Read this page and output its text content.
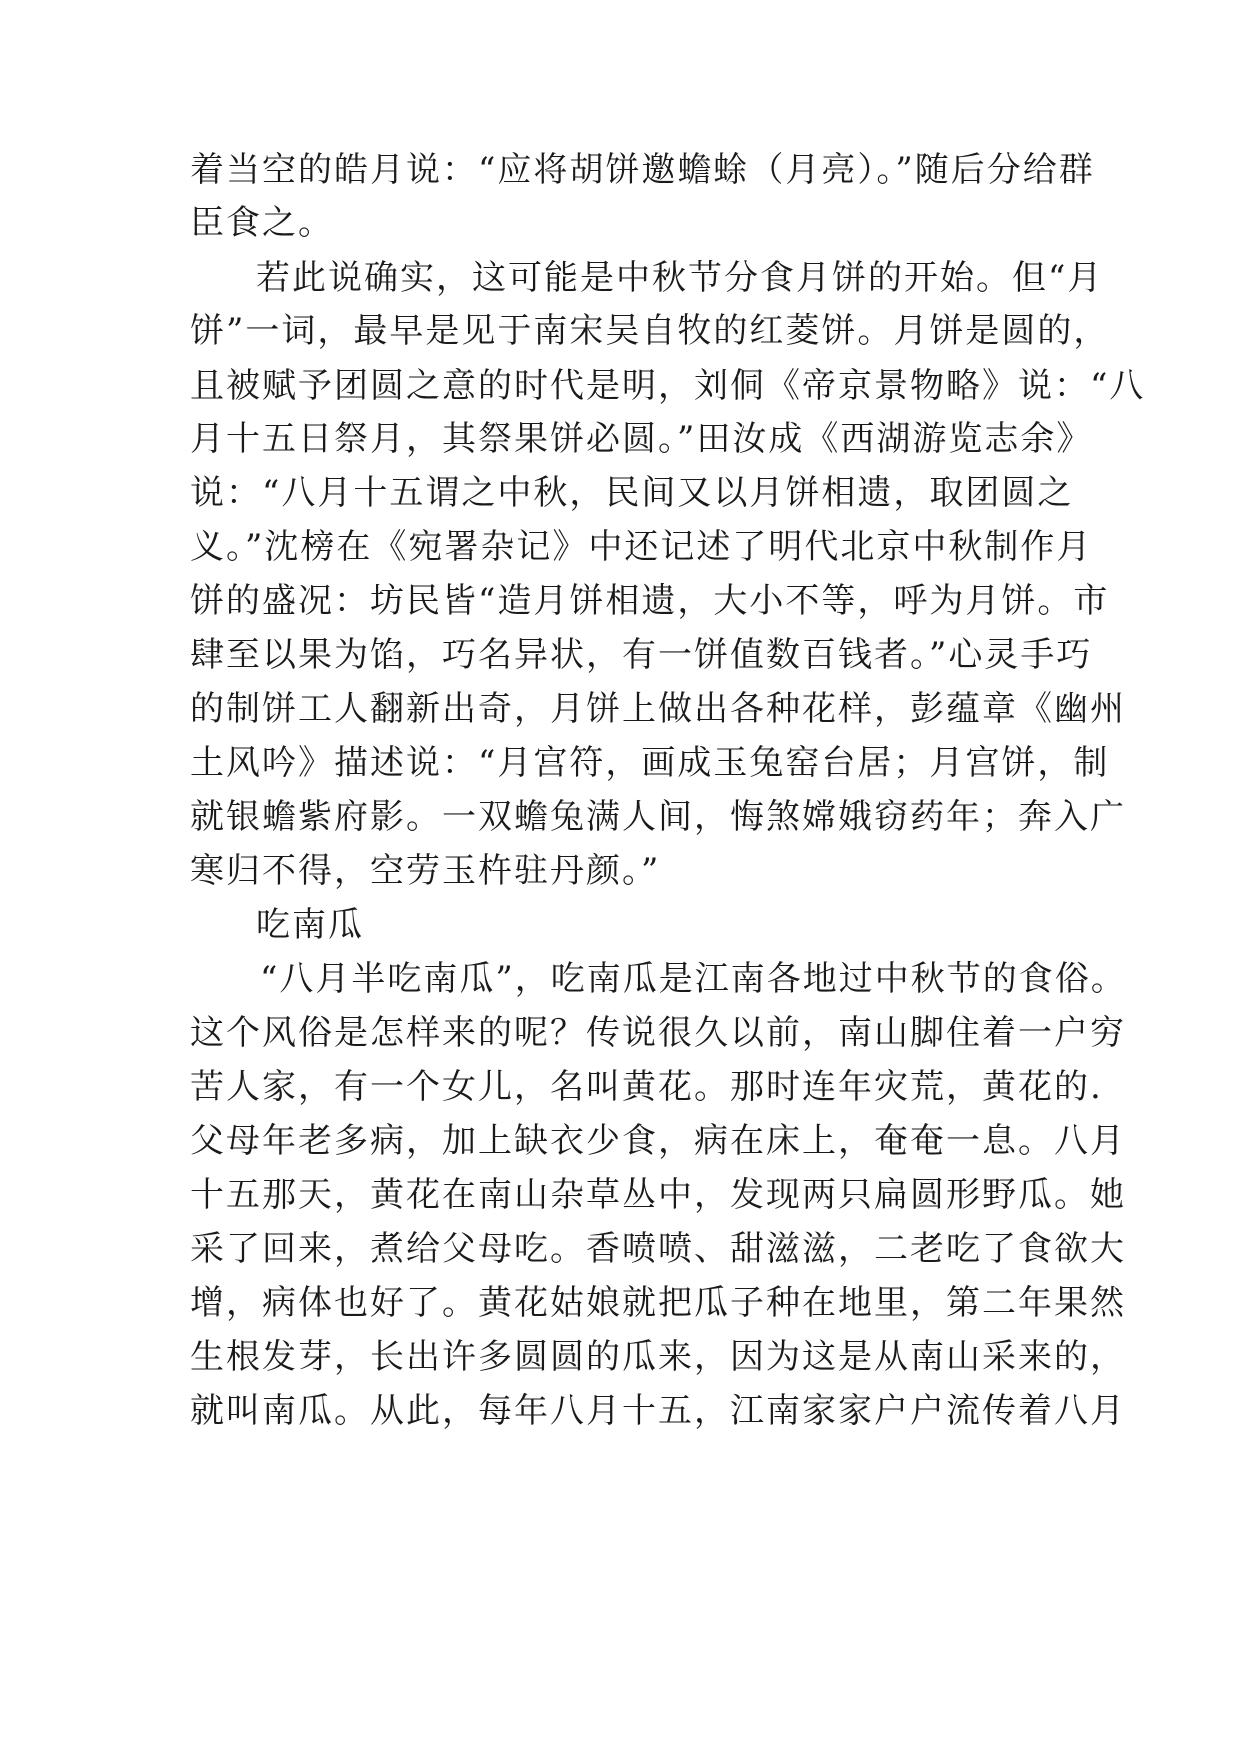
着当空的皓月说：“应将胡饼邀蟾蜍（月亮）。”随后分给群
臣食之。
若此说确实，这可能是中秋节分食月饼的开始。但“月
饼”一词，最早是见于南宋吴自牧的红菱饼。月饼是圆的，
且被赋予团圆之意的时代是明，刘侗《帝京景物略》说：“八
月十五日祭月，其祭果饼必圆。”田汝成《西湖游览志余》
说：“八月十五谓之中秋，民间又以月饼相遗，取团圆之
义。”沈榜在《宛署杂记》中还记述了明代北京中秋制作月
饼的盛况：坊民皆“造月饼相遗，大小不等，呼为月饼。市
肆至以果为馅，巧名异状，有一饼值数百钱者。”心灵手巧
的制饼工人翻新出奇，月饼上做出各种花样，彭蕴章《幽州
土风吟》描述说：“月宫符，画成玉兔窑台居；月宫饼，制
就银蟾紫府影。一双蟾兔满人间，悔煞嫦娥窃药年；奔入广
寒归不得，空劳玉杵驻丹颜。”
吃南瓜
“八月半吃南瓜”，吃南瓜是江南各地过中秋节的食俗。
这个风俗是怎样来的呢？传说很久以前，南山脚住着一户穷
苦人家，有一个女儿，名叫黄花。那时连年灾荒，黄花的.
父母年老多病，加上缺衣少食，病在床上，奄奄一息。八月
十五那天，黄花在南山杂草丛中，发现两只扁圆形野瓜。她
采了回来，煮给父母吃。香喷喷、甜滋滋，二老吃了食欲大
增，病体也好了。黄花姑娘就把瓜子种在地里，第二年果然
生根发芽，长出许多圆圆的瓜来，因为这是从南山采来的，
就叫南瓜。从此，每年八月十五，江南家家户户流传着八月
